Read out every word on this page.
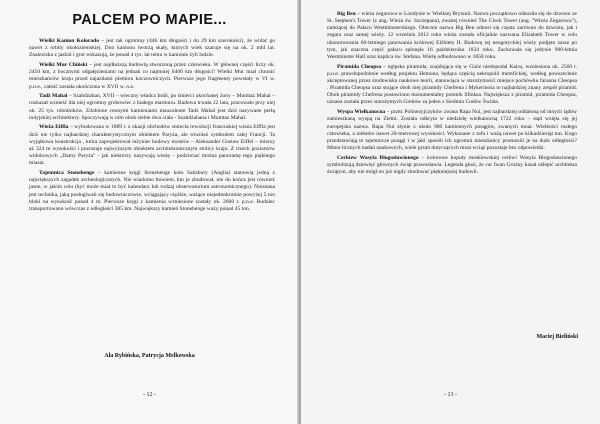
PALCEM PO MAPIE...

Wielki Kanion Kolorado – jest tak ogromny (446 km długości i do 29 km szerokości), że widać go nawet z orbity okołoziemskiej. Dno kanionu tworzą skały, których wiek szacuje się na ok. 2 mld lat. Znaleziska z jaskiń i grot wskazują, że ponad 4 tys. lat temu w kanionie żyli ludzie.

Wielki Mur Chiński – jest najdłuższą budowlą stworzoną przez człowieka. W głównej części liczy ok. 2450 km, z bocznymi odgałęzieniami na jednak co najmniej 6400 km długości! Wielki Mur miał chronić mieszkańców kraju przed najazdami plemion koczowniczych. Pierwsze jego fragmenty powstały w VI w. p.n.e., całość została ukończona w XVII w. n.e.

Tadż Mahal – Szahdżahan, XVII – wieczny władca Indii, po śmierci ukochanej żony – Mumtaz Mahal – rozkazał wznieść dla niej ogromny grobowiec z białego marmuru. Badowa trwała 22 lata, pracowało przy niej ok. 25 tys. robotników. Zdobione cennymi kamieniami mauzoleum Tadż Mahal jest dziś nazywane perłą indyjskiej architektury. Spoczywają w nim obok siebie dwa ciała - Szahdżahana i Mumtaz Mahal.

Wieża Eiffla – wybudowana w 1889 r. z okazji obchodów stulecia rewolucji francuskiej wieża Eiffla jest dziś nie tylko najbardziej charakterystycznym obiektem Paryża, ale również symbolem całej Francji. Ta wyjątkowa konstrukcja , która zaprojektował inżynier budowy mostów – Aleksander Gustaw Eiffel – mierzy aż 324 m wysokości i pozostaje najwyższym obiektem architektonicznym stolicy kraju. Z trzech poziomów widokowych „Damy Paryża" - jak niektórzy nazywają wieżę – podziwiać można panoramę tego pięknego miasta.

Tajemnica Stonehenge – kamienne kręgi Stonehenge koło Salisbury (Anglia) stanowią jedną z największych zagadek archeologicznych. Nie wiadomo bowiem, kto je zbudował, nie do końca jest również jasne, w jakim celu (być może miał to być kalendarz lub rodzaj obserwatorium astronomicznego). Nieznana jest technika, jaką posługiwali się budowniczowie, wciągający ciężkie, ważące niejednokrotnie powyżej 5 ton bloki na wysokość ponad 4 m. Pierwsze kręgi z kamienia wzniesione zostały ok. 2600 r. p.n.e. Budulec transportowano wówczas z odległości 385 km. Największy kamień Stonehenge waży ponad 45 ton.

Ala Rybińska, Patrycja Melkowska
- 12 -

Big Ben – wieża zegarowa w Londynie w Wielkiej Brytanii. Nazwa początkowo odnosiła się do dzwonu ze St. Stephen's Tower (z ang. Wieża św. Szczepana), zwanej również The Clock Tower (ang. "Wieża Zegarowa"), należącej do Pałacu Westminsterskiego. Obecnie nazwa Big Ben odnosi się często zarówno do dzwonu, jak i zegara oraz samej wieży. 12 września 2012 roku wieża została oficjalnie nazwana Elizabeth Tower w celu uhonorowania 60-letniego panowania królowej Elżbiety II. Budowę tej neogotyckiej wieży podjęto zaraz po tym, jak znaczna część pałacu spłonęła 16 października 1834 roku. Zachowała się jedynie 900-letnia Westminster Hall oraz kaplica św. Stefana. Wieżę odbudowano w 1858 roku.

Piramida Cheopsa – egipska piramida, znajdująca się w Gizie niedopodal Kairu, wzniesiona ok. 2560 r. p.n.e. prawdopodobnie według projektu Hemona, będąca częścią nekropolii memfickiej, według powszechnie akceptowanej przez środowiska naukowe teorii, stanowiąca w starożytności miejsce pochówku faraona Cheopsa . Piramida Cheopsa oraz stojące obok niej piramidy Chefrena i Mykerinosa to najbardziej znany zespół piramid. Obok piramidy Chefrena postawiono monumentalny pomnik Sfinksa. Największa z piramid, piramida Cheopsa, uznana została przez starożytnych Greków za jeden z Siedmiu Cudów Świata.

Wyspa Wielkanocna – przez Polinezyjczyków zwana Rapa Nui, jest najbardziej oddaloną od innych lądów zamieszkaną wyspą na Ziemi. Została odkryta w niedzielę wielkanocną 1722 roku – stąd wzięła się jej europejska nazwa. Rapa Nui słynie z około 900 kamiennych posągów, zwanych moai. Wielkości rosłego człowieka, a niektóre nawet 20-metrowej wysokości. Wykonane z tufu i ważą nawet po kilkadziesiąt ton. Kogo przedstawiają te tajemnicze posągi i w jaki sposób ich ogromni mieszkańcy przenosili je na duże odległości? Mimo licznych badań naukowych, wiele pytań dotyczących moai wciąż pozostaje bez odpowiedzi.

Cerkiew Wasyla Błogosławionego – kolorowe kopuły moskiewskiej cerkwi Wasyla Błogosławionego symbolizują dziewięć głównych świąt prawosławia. Legenda głosi, że car Iwan Groźny kazał oślepić architekta świątyni, aby nie mógł on już nigdy zbudować piękniejszej budowli.

Maciej Bieliński
- 13 -
